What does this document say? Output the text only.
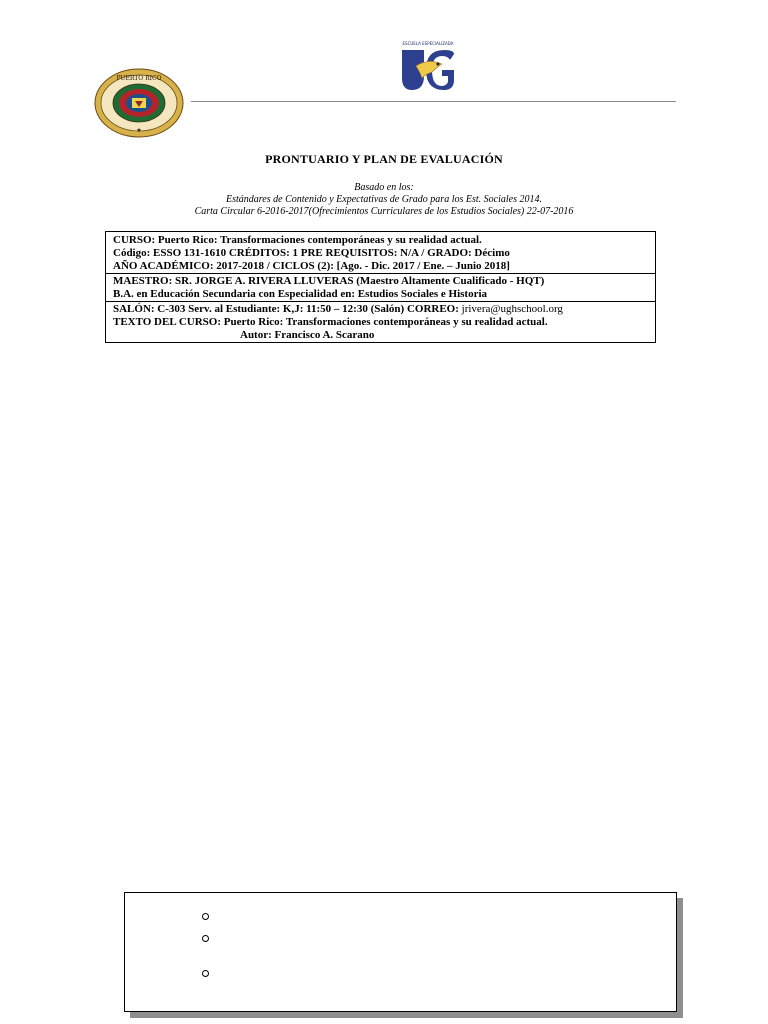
PUERTO RICO
★
ESCUELA ESPECIALIZADA
PRONTUARIO Y PLAN DE EVALUACIÓN
Basado en los:
Estándares de Contenido y Expectativas de Grado para los Est. Sociales 2014.
Carta Circular 6-2016-2017(Ofrecimientos Curriculares de los Estudios Sociales) 22-07-2016
CURSO: Puerto Rico: Transformaciones contemporáneas y su realidad actual.
Código: ESSO 131-1610 CRÉDITOS: 1 PRE REQUISITOS: N/A / GRADO: Décimo
AÑO ACADÉMICO: 2017-2018 / CICLOS (2): [Ago. - Dic. 2017 / Ene. – Junio 2018]
MAESTRO: SR. JORGE A. RIVERA LLUVERAS (Maestro Altamente Cualificado - HQT)
B.A. en Educación Secundaria con Especialidad en: Estudios Sociales e Historia
SALÓN: C-303 Serv. al Estudiante: K,J: 11:50 – 12:30 (Salón) CORREO: jrivera@ughschool.org
TEXTO DEL CURSO: Puerto Rico: Transformaciones contemporáneas y su realidad actual.
Autor: Francisco A. Scarano
